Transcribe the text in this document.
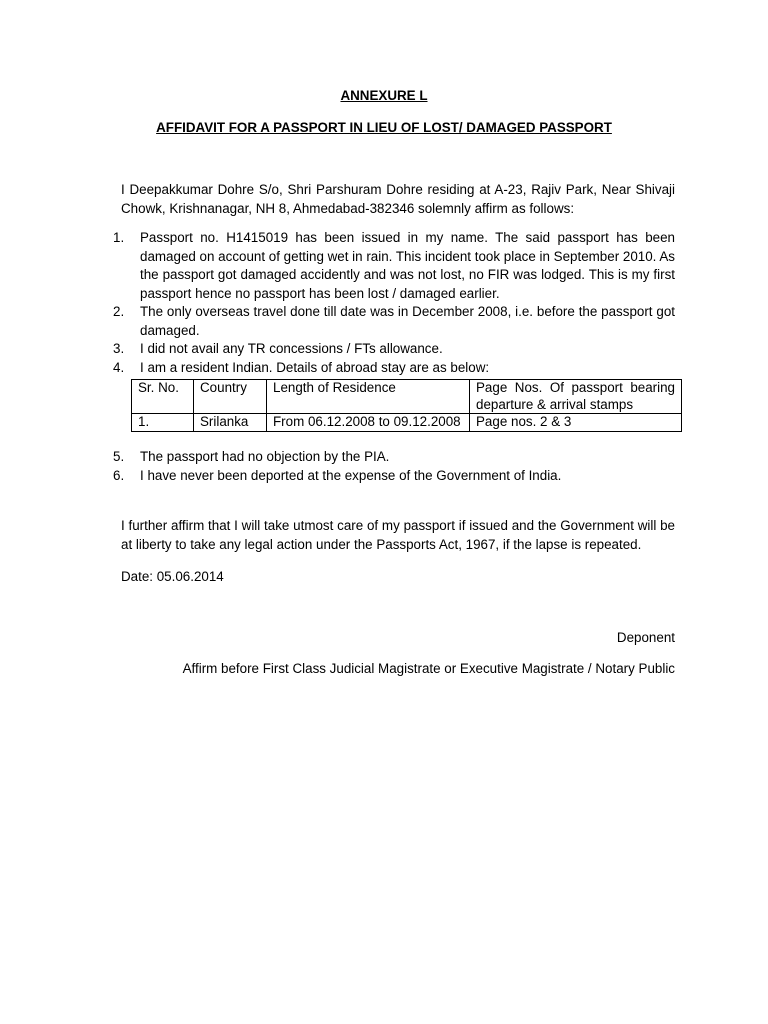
ANNEXURE L
AFFIDAVIT FOR A PASSPORT IN LIEU OF LOST/ DAMAGED PASSPORT
I Deepakkumar Dohre S/o, Shri Parshuram Dohre residing at A-23, Rajiv Park, Near Shivaji Chowk, Krishnanagar, NH 8, Ahmedabad-382346 solemnly affirm as follows:
1. Passport no. H1415019 has been issued in my name. The said passport has been damaged on account of getting wet in rain. This incident took place in September 2010. As the passport got damaged accidently and was not lost, no FIR was lodged. This is my first passport hence no passport has been lost / damaged earlier.
2. The only overseas travel done till date was in December 2008, i.e. before the passport got damaged.
3. I did not avail any TR concessions / FTs allowance.
4. I am a resident Indian. Details of abroad stay are as below:
Sr. No.	Country	Length of Residence	Page Nos. Of passport bearing departure & arrival stamps
1.	Srilanka	From 06.12.2008 to 09.12.2008	Page nos. 2 & 3
5. The passport had no objection by the PIA.
6. I have never been deported at the expense of the Government of India.
I further affirm that I will take utmost care of my passport if issued and the Government will be at liberty to take any legal action under the Passports Act, 1967, if the lapse is repeated.
Date: 05.06.2014
Deponent
Affirm before First Class Judicial Magistrate or Executive Magistrate / Notary Public
